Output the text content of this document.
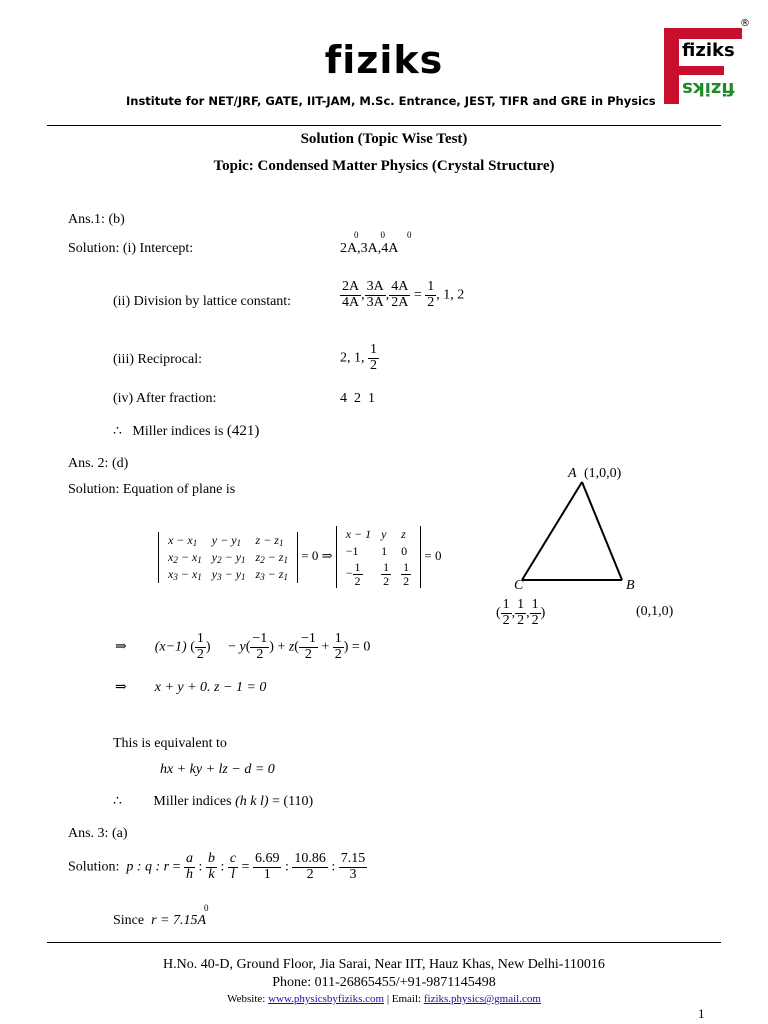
fiziks
Institute for NET/JRF, GATE, IIT-JAM, M.Sc. Entrance, JEST, TIFR and GRE in Physics
fiziks
fiziks
®
Solution (Topic Wise Test)
Topic: Condensed Matter Physics (Crystal Structure)
Ans.1: (b)
Solution: (i) Intercept:	2A,3A,4A
000
(ii) Division by lattice constant:	$\frac{2A}{4A}$ , $\frac{3A}{3A}$ , $\frac{4A}{2A} = \frac{1}{2}$ , 1, 2
(iii) Reciprocal:	2, 1, $\frac{1}{2}$
(iv) After fraction:	4  2  1
∴   Miller indices is (421)
Ans. 2: (d)
Solution: Equation of plane is
$x - x_1$	$y - y_1$	$z - z_1$
$x_2 - x_1$	$y_2 - y_1$	$z_2 - z_1$
$x_3 - x_1$	$y_3 - y_1$	$z_3 - z_1$
= 0 ⇒
x − 1	y	z
−1	1	0
− $\frac{1}{2}$	$\frac{1}{2}$	$\frac{1}{2}$
= 0
⇒        (x−1) ( $\frac{1}{2}$ )     − $y( \frac{-1}{2}$ ) + $z( \frac{-1}{2} + \frac{1}{2}$ ) = 0
⇒        x + y + 0. z − 1 = 0
This is equivalent to
hx + ky + lz − d = 0
∴         Miller indices (h k l) = (110)
A (1,0,0)
C	B
(0,1,0)
( $\frac{1}{2}$ , $\frac{1}{2}$ , $\frac{1}{2}$ )
Ans. 3: (a)
Solution: p : q : $r = \frac{a}{h}$ : $\frac{b}{k}$ : $\frac{c}{l} = \frac{6.69}{1}$ : $\frac{10.86}{2}$ : $\frac{7.15}{3}$
Since r = 7.15A
0
H.No. 40-D, Ground Floor, Jia Sarai, Near IIT, Hauz Khas, New Delhi-110016
Phone: 011-26865455/+91-9871145498
Website: www.physicsbyfiziks.com | Email: fiziks.physics@gmail.com
1
